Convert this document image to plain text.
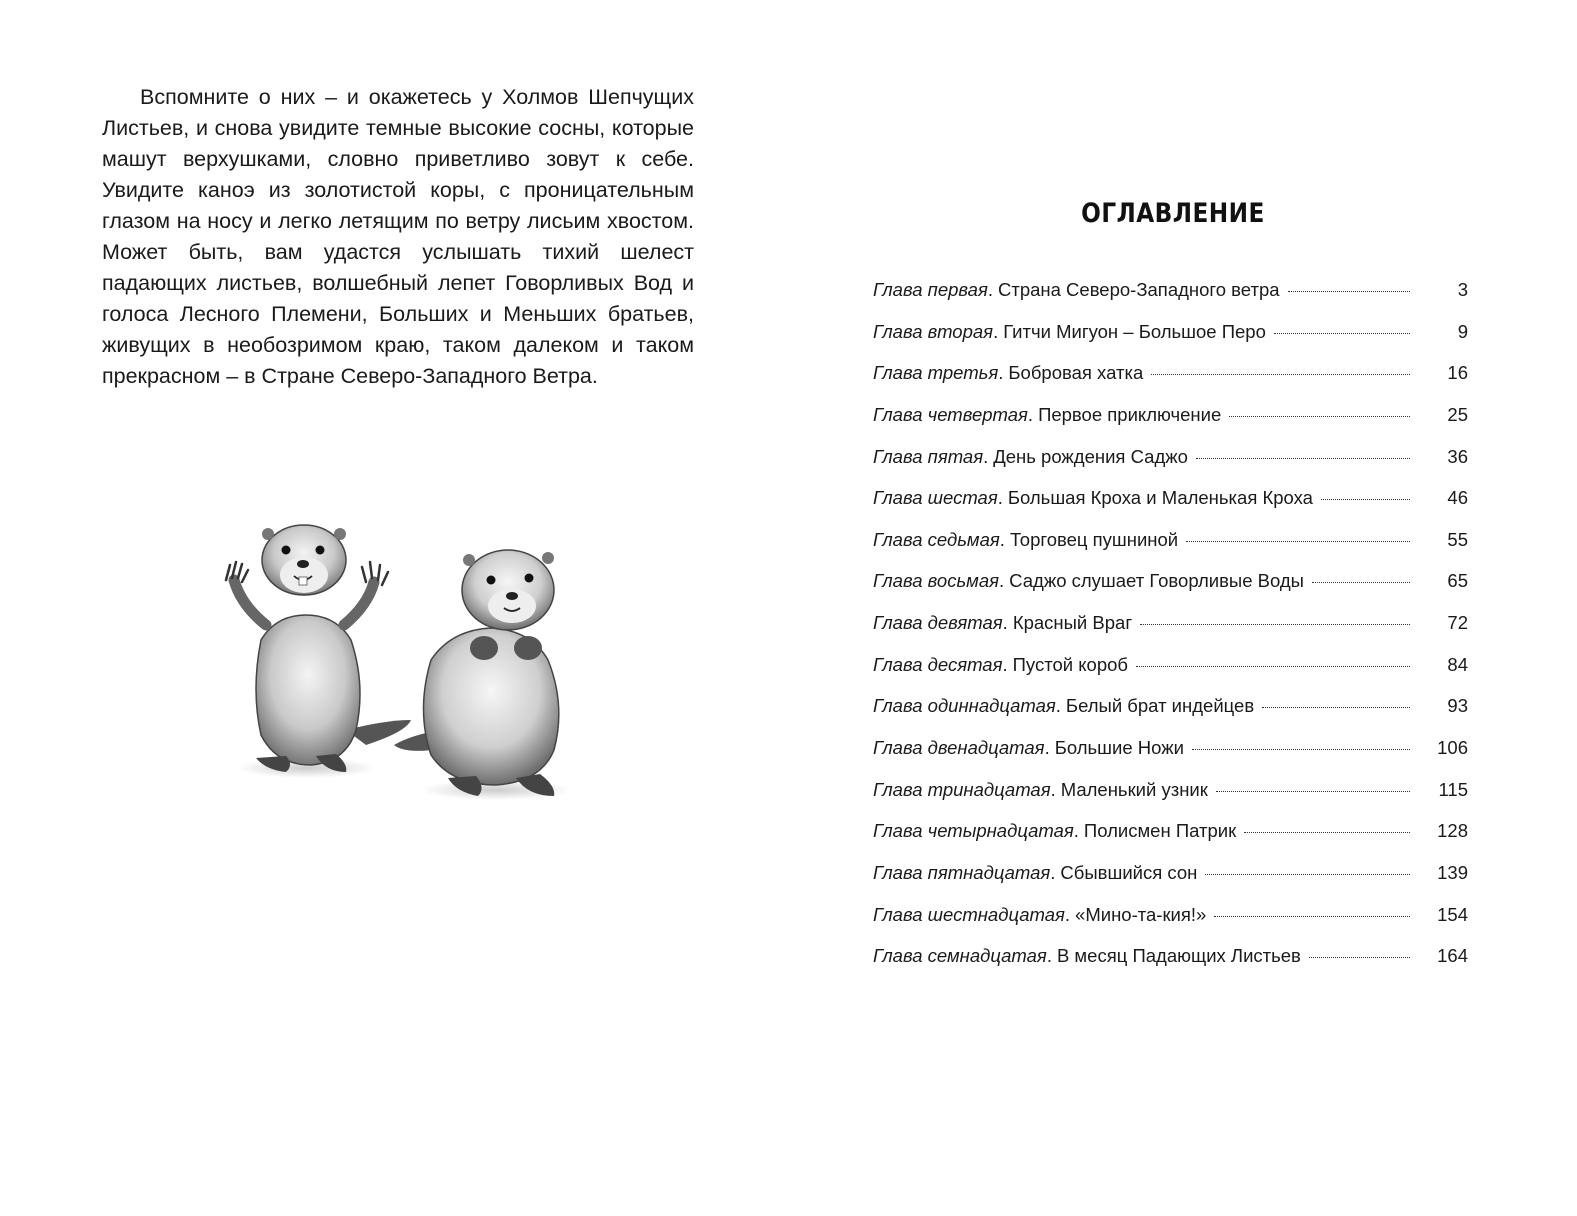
Вспомните о них – и окажетесь у Холмов Шепчущих Листьев, и снова увидите темные высокие сосны, которые машут верхушками, словно приветливо зовут к себе. Увидите каноэ из золотистой коры, с проницательным глазом на носу и легко летящим по ветру лисьим хвостом. Может быть, вам удастся услышать тихий шелест падающих листьев, волшебный лепет Говорливых Вод и голоса Лесного Племени, Больших и Меньших братьев, живущих в необозримом краю, таком далеком и таком прекрасном – в Стране Северо-Западного Ветра.

ОГЛАВЛЕНИЕ
Глава первая . Страна Северо-Западного ветра	3
Глава вторая . Гитчи Мигуон – Большое Перо	9
Глава третья . Бобровая хатка	16
Глава четвертая . Первое приключение	25
Глава пятая . День рождения Саджо	36
Глава шестая . Большая Кроха и Маленькая Кроха	46
Глава седьмая . Торговец пушниной	55
Глава восьмая . Саджо слушает Говорливые Воды	65
Глава девятая . Красный Враг	72
Глава десятая . Пустой короб	84
Глава одиннадцатая . Белый брат индейцев	93
Глава двенадцатая . Большие Ножи	106
Глава тринадцатая . Маленький узник	115
Глава четырнадцатая . Полисмен Патрик	128
Глава пятнадцатая . Сбывшийся сон	139
Глава шестнадцатая . «Мино-та-кия!»	154
Глава семнадцатая . В месяц Падающих Листьев	164
